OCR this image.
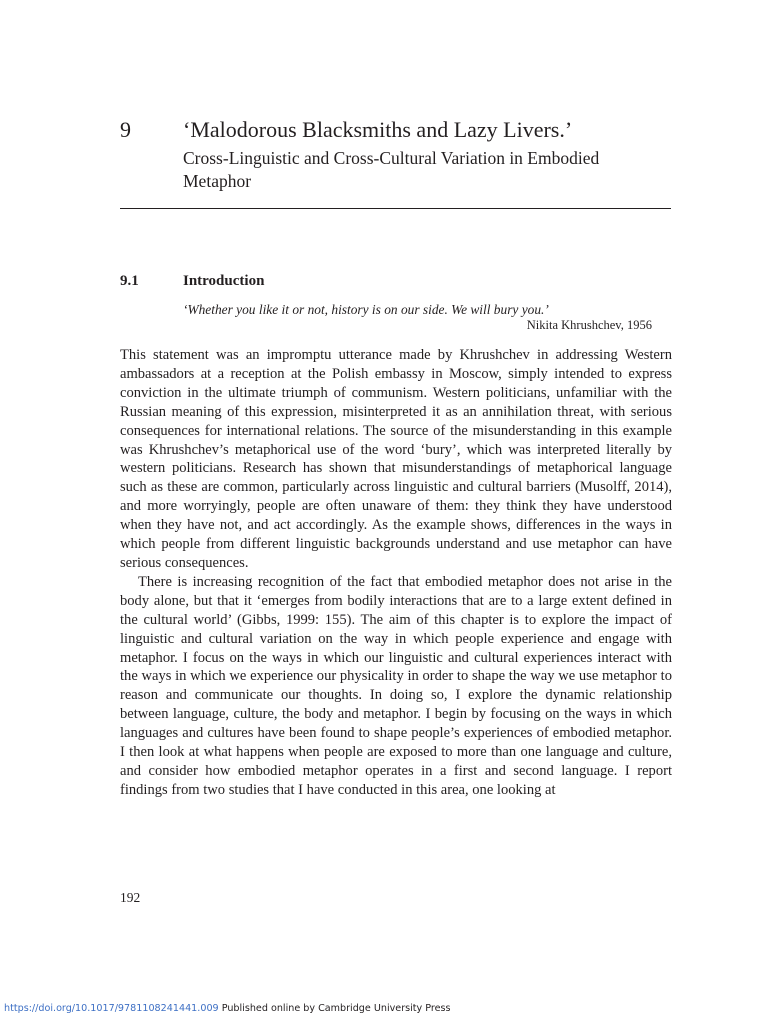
9 ‘Malodorous Blacksmiths and Lazy Livers.’
Cross-Linguistic and Cross-Cultural Variation in Embodied Metaphor
9.1	Introduction
‘Whether you like it or not, history is on our side. We will bury you.’
Nikita Khrushchev, 1956

This statement was an impromptu utterance made by Khrushchev in addressing Western ambassadors at a reception at the Polish embassy in Moscow, simply intended to express conviction in the ultimate triumph of communism. Western politicians, unfamiliar with the Russian meaning of this expression, misinterpreted it as an annihilation threat, with serious consequences for international relations. The source of the misunderstanding in this example was Khrushchev’s metaphorical use of the word ‘bury’, which was interpreted literally by western politicians. Research has shown that misunderstandings of metaphorical language such as these are common, particularly across linguistic and cultural barriers (Musolff, 2014), and more worryingly, people are often unaware of them: they think they have understood when they have not, and act accordingly. As the example shows, differences in the ways in which people from different linguistic backgrounds understand and use metaphor can have serious consequences.

There is increasing recognition of the fact that embodied metaphor does not arise in the body alone, but that it ‘emerges from bodily interactions that are to a large extent defined in the cultural world’ (Gibbs, 1999: 155). The aim of this chapter is to explore the impact of linguistic and cultural variation on the way in which people experience and engage with metaphor. I focus on the ways in which our linguistic and cultural experiences interact with the ways in which we experience our physicality in order to shape the way we use metaphor to reason and communicate our thoughts. In doing so, I explore the dynamic relationship between language, culture, the body and metaphor. I begin by focusing on the ways in which languages and cultures have been found to shape people’s experiences of embodied metaphor. I then look at what happens when people are exposed to more than one language and culture, and consider how embodied metaphor operates in a first and second language. I report findings from two studies that I have conducted in this area, one looking at

192
https://doi.org/10.1017/9781108241441.009 Published online by Cambridge University Press
